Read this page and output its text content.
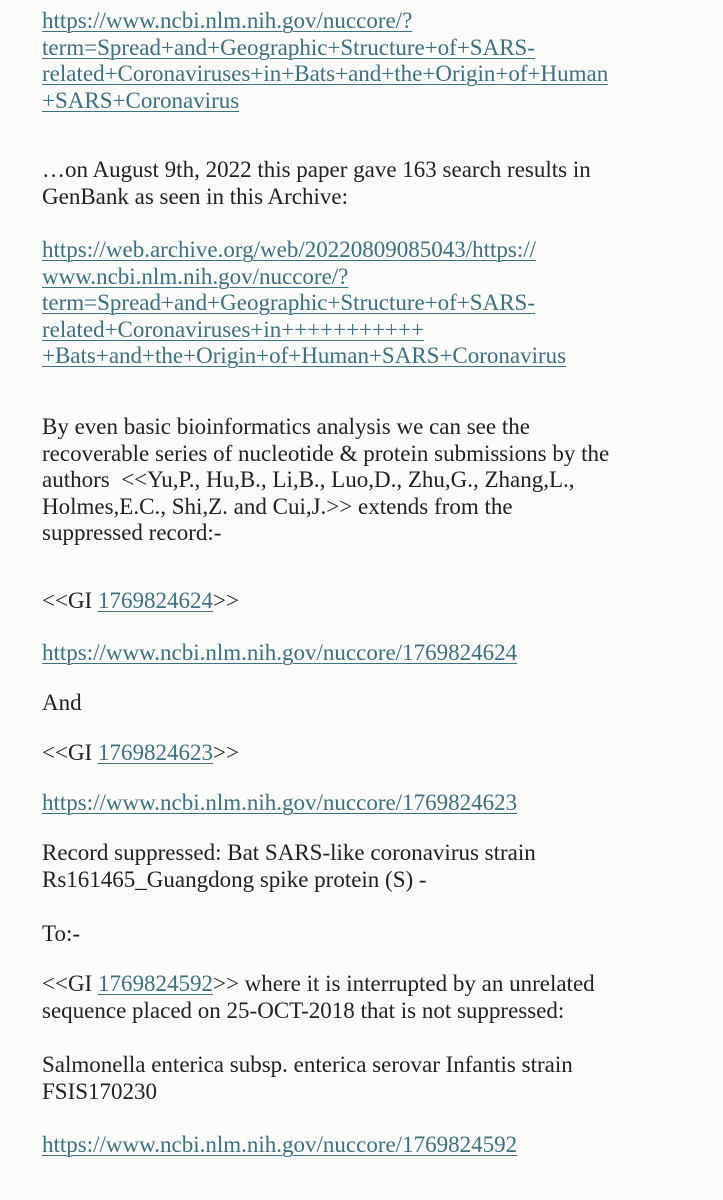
https://www.ncbi.nlm.nih.gov/nuccore/?
term=Spread+and+Geographic+Structure+of+SARS-
related+Coronaviruses+in+Bats+and+the+Origin+of+Human
+SARS+Coronavirus
…on August 9th, 2022 this paper gave 163 search results in
GenBank as seen in this Archive:
https://web.archive.org/web/20220809085043/https://
www.ncbi.nlm.nih.gov/nuccore/?
term=Spread+and+Geographic+Structure+of+SARS-
related+Coronaviruses+in+++++++++++
+Bats+and+the+Origin+of+Human+SARS+Coronavirus
By even basic bioinformatics analysis we can see the
recoverable series of nucleotide & protein submissions by the
authors  <<Yu,P., Hu,B., Li,B., Luo,D., Zhu,G., Zhang,L.,
Holmes,E.C., Shi,Z. and Cui,J.>> extends from the
suppressed record:-
<<GI 1769824624>>
https://www.ncbi.nlm.nih.gov/nuccore/1769824624
And
<<GI 1769824623>>
https://www.ncbi.nlm.nih.gov/nuccore/1769824623
Record suppressed: Bat SARS-like coronavirus strain
Rs161465_Guangdong spike protein (S) -
To:-
<<GI 1769824592>> where it is interrupted by an unrelated
sequence placed on 25-OCT-2018 that is not suppressed:
Salmonella enterica subsp. enterica serovar Infantis strain
FSIS170230
https://www.ncbi.nlm.nih.gov/nuccore/1769824592
